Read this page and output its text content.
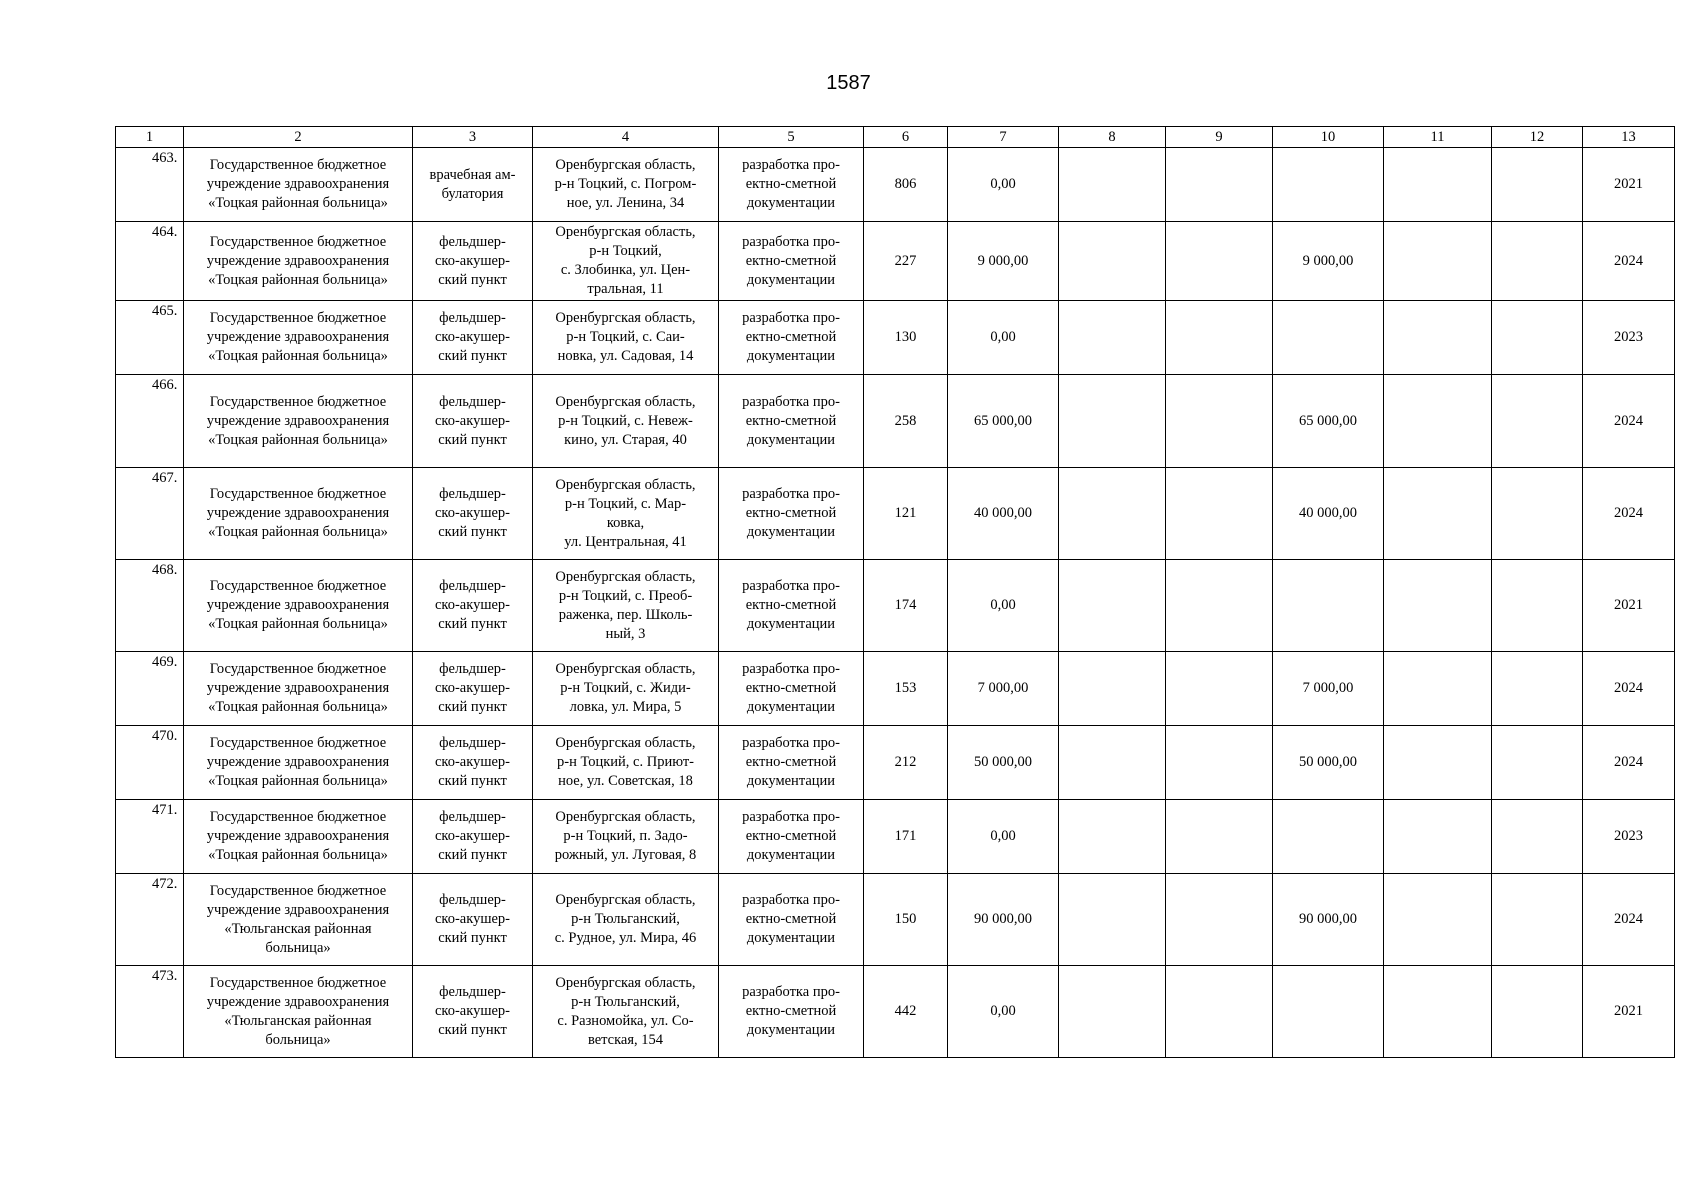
1587
1	2	3	4	5	6	7	8	9	10	11	12	13
463.	Государственное бюджетное
учреждение здравоохранения
«Тоцкая районная больница»	врачебная ам-
булатория	Оренбургская область,
р-н Тоцкий, с. Погром-
ное, ул. Ленина, 34	разработка про-
ектно-сметной
документации	806	0,00						2021
464.	Государственное бюджетное
учреждение здравоохранения
«Тоцкая районная больница»	фельдшер-
ско-акушер-
ский пункт	Оренбургская область,
р-н Тоцкий,
с. Злобинка, ул. Цен-
тральная, 11	разработка про-
ектно-сметной
документации	227	9 000,00			9 000,00			2024
465.	Государственное бюджетное
учреждение здравоохранения
«Тоцкая районная больница»	фельдшер-
ско-акушер-
ский пункт	Оренбургская область,
р-н Тоцкий, с. Саи-
новка, ул. Садовая, 14	разработка про-
ектно-сметной
документации	130	0,00						2023
466.	Государственное бюджетное
учреждение здравоохранения
«Тоцкая районная больница»	фельдшер-
ско-акушер-
ский пункт	Оренбургская область,
р-н Тоцкий, с. Невеж-
кино, ул. Старая, 40	разработка про-
ектно-сметной
документации	258	65 000,00			65 000,00			2024
467.	Государственное бюджетное
учреждение здравоохранения
«Тоцкая районная больница»	фельдшер-
ско-акушер-
ский пункт	Оренбургская область,
р-н Тоцкий, с. Мар-
ковка,
ул. Центральная, 41	разработка про-
ектно-сметной
документации	121	40 000,00			40 000,00			2024
468.	Государственное бюджетное
учреждение здравоохранения
«Тоцкая районная больница»	фельдшер-
ско-акушер-
ский пункт	Оренбургская область,
р-н Тоцкий, с. Преоб-
раженка, пер. Школь-
ный, 3	разработка про-
ектно-сметной
документации	174	0,00						2021
469.	Государственное бюджетное
учреждение здравоохранения
«Тоцкая районная больница»	фельдшер-
ско-акушер-
ский пункт	Оренбургская область,
р-н Тоцкий, с. Жиди-
ловка, ул. Мира, 5	разработка про-
ектно-сметной
документации	153	7 000,00			7 000,00			2024
470.	Государственное бюджетное
учреждение здравоохранения
«Тоцкая районная больница»	фельдшер-
ско-акушер-
ский пункт	Оренбургская область,
р-н Тоцкий, с. Приют-
ное, ул. Советская, 18	разработка про-
ектно-сметной
документации	212	50 000,00			50 000,00			2024
471.	Государственное бюджетное
учреждение здравоохранения
«Тоцкая районная больница»	фельдшер-
ско-акушер-
ский пункт	Оренбургская область,
р-н Тоцкий, п. Задо-
рожный, ул. Луговая, 8	разработка про-
ектно-сметной
документации	171	0,00						2023
472.	Государственное бюджетное
учреждение здравоохранения
«Тюльганская районная
больница»	фельдшер-
ско-акушер-
ский пункт	Оренбургская область,
р-н Тюльганский,
с. Рудное, ул. Мира, 46	разработка про-
ектно-сметной
документации	150	90 000,00			90 000,00			2024
473.	Государственное бюджетное
учреждение здравоохранения
«Тюльганская районная
больница»	фельдшер-
ско-акушер-
ский пункт	Оренбургская область,
р-н Тюльганский,
с. Разномойка, ул. Со-
ветская, 154	разработка про-
ектно-сметной
документации	442	0,00						2021
